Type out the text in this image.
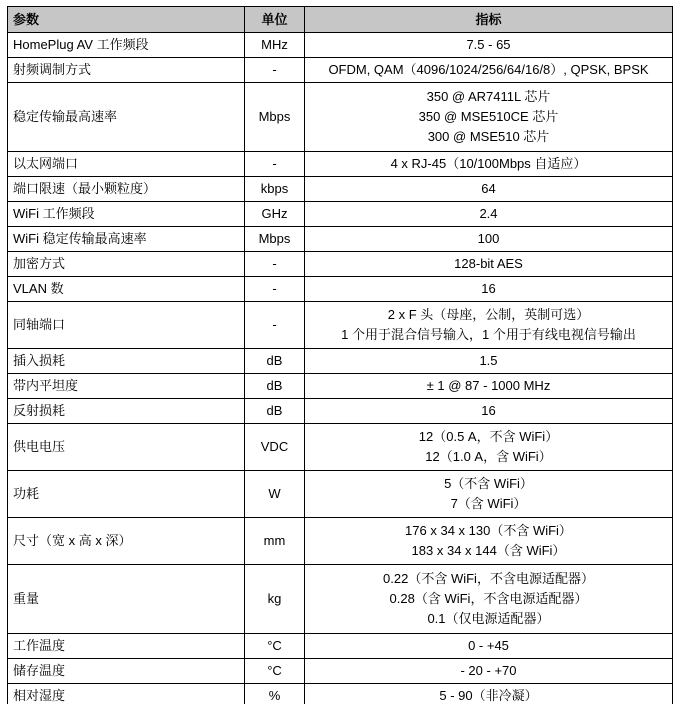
参数	单位	指标
HomePlug AV 工作频段	MHz	7.5 - 65

射频调制方式	-	OFDM, QAM（4096/1024/256/64/16/8）, QPSK, BPSK

稳定传输最高速率	Mbps	350 @ AR7411L 芯片
350 @ MSE510CE 芯片
300 @ MSE510 芯片

以太网端口	-	4 x RJ-45（10/100Mbps 自适应）

端口限速（最小颗粒度）	kbps	64

WiFi 工作频段	GHz	2.4

WiFi 稳定传输最高速率	Mbps	100

加密方式	-	128-bit AES

VLAN 数	-	16

同轴端口	-	2 x F 头（母座，公制，英制可选）
1 个用于混合信号输入，1 个用于有线电视信号输出

插入损耗	dB	1.5

带内平坦度	dB	± 1 @ 87 - 1000 MHz

反射损耗	dB	16

供电电压	VDC	12（0.5 A，不含 WiFi）
12（1.0 A，含 WiFi）

功耗	W	5（不含 WiFi）
7（含 WiFi）

尺寸（宽 x 高 x 深）	mm	176 x 34 x 130（不含 WiFi）
183 x 34 x 144（含 WiFi）

重量	kg	0.22（不含 WiFi，不含电源适配器）
0.28（含 WiFi，不含电源适配器）
0.1（仅电源适配器）

工作温度	°C	0 - +45

储存温度	°C	- 20 - +70

相对湿度	%	5 - 90（非冷凝）
